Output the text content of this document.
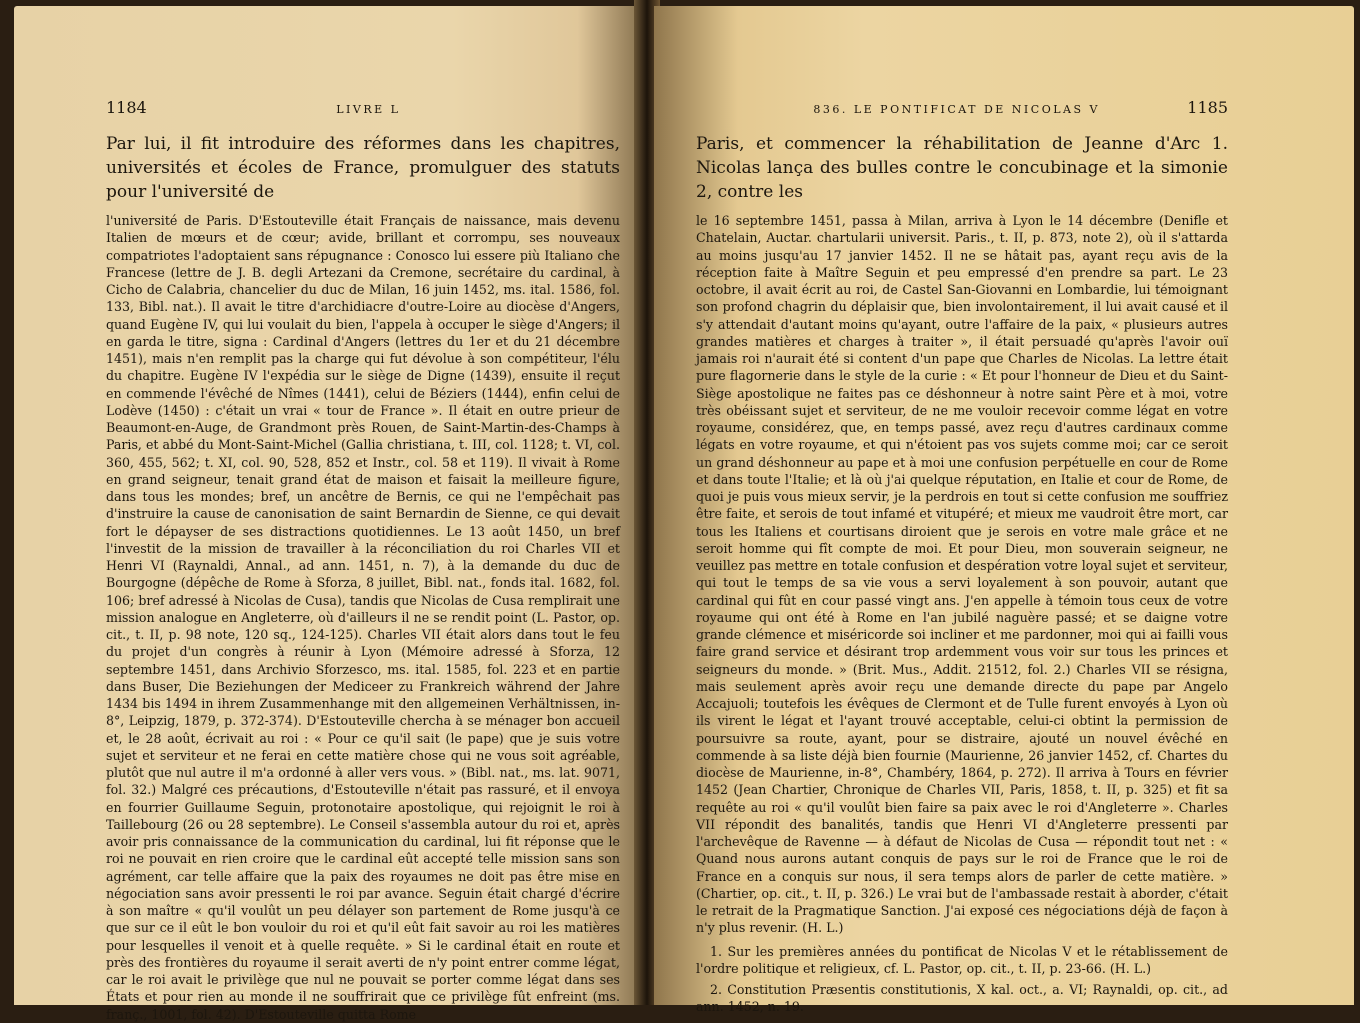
1184	LIVRE L

Par lui, il fit introduire des réformes dans les chapitres, universités et écoles de France, promulguer des statuts pour l'université de

l'université de Paris. D'Estouteville était Français de naissance, mais devenu Italien de mœurs et de cœur; avide, brillant et corrompu, ses nouveaux compatriotes l'adoptaient sans répugnance : Conosco lui essere più Italiano che Francese (lettre de J. B. degli Artezani da Cremone, secrétaire du cardinal, à Cicho de Calabria, chancelier du duc de Milan, 16 juin 1452, ms. ital. 1586, fol. 133, Bibl. nat.). Il avait le titre d'archidiacre d'outre-Loire au diocèse d'Angers, quand Eugène IV, qui lui voulait du bien, l'appela à occuper le siège d'Angers; il en garda le titre, signa : Cardinal d'Angers (lettres du 1er et du 21 décembre 1451), mais n'en remplit pas la charge qui fut dévolue à son compétiteur, l'élu du chapitre. Eugène IV l'expédia sur le siège de Digne (1439), ensuite il reçut en commende l'évêché de Nîmes (1441), celui de Béziers (1444), enfin celui de Lodève (1450) : c'était un vrai « tour de France ». Il était en outre prieur de Beaumont-en-Auge, de Grandmont près Rouen, de Saint-Martin-des-Champs à Paris, et abbé du Mont-Saint-Michel (Gallia christiana, t. III, col. 1128; t. VI, col. 360, 455, 562; t. XI, col. 90, 528, 852 et Instr., col. 58 et 119). Il vivait à Rome en grand seigneur, tenait grand état de maison et faisait la meilleure figure, dans tous les mondes; bref, un ancêtre de Bernis, ce qui ne l'empêchait pas d'instruire la cause de canonisation de saint Bernardin de Sienne, ce qui devait fort le dépayser de ses distractions quotidiennes. Le 13 août 1450, un bref l'investit de la mission de travailler à la réconciliation du roi Charles VII et Henri VI (Raynaldi, Annal., ad ann. 1451, n. 7), à la demande du duc de Bourgogne (dépêche de Rome à Sforza, 8 juillet, Bibl. nat., fonds ital. 1682, fol. 106; bref adressé à Nicolas de Cusa), tandis que Nicolas de Cusa remplirait une mission analogue en Angleterre, où d'ailleurs il ne se rendit point (L. Pastor, op. cit., t. II, p. 98 note, 120 sq., 124-125). Charles VII était alors dans tout le feu du projet d'un congrès à réunir à Lyon (Mémoire adressé à Sforza, 12 septembre 1451, dans Archivio Sforzesco, ms. ital. 1585, fol. 223 et en partie dans Buser, Die Beziehungen der Mediceer zu Frankreich während der Jahre 1434 bis 1494 in ihrem Zusammenhange mit den allgemeinen Verhältnissen, in-8°, Leipzig, 1879, p. 372-374). D'Estouteville chercha à se ménager bon accueil et, le 28 août, écrivait au roi : « Pour ce qu'il sait (le pape) que je suis votre sujet et serviteur et ne ferai en cette matière chose qui ne vous soit agréable, plutôt que nul autre il m'a ordonné à aller vers vous. » (Bibl. nat., ms. lat. 9071, fol. 32.) Malgré ces précautions, d'Estouteville n'était pas rassuré, et il envoya en fourrier Guillaume Seguin, protonotaire apostolique, qui rejoignit le roi à Taillebourg (26 ou 28 septembre). Le Conseil s'assembla autour du roi et, après avoir pris connaissance de la communication du cardinal, lui fit réponse que le roi ne pouvait en rien croire que le cardinal eût accepté telle mission sans son agrément, car telle affaire que la paix des royaumes ne doit pas être mise en négociation sans avoir pressenti le roi par avance. Seguin était chargé d'écrire à son maître « qu'il voulût un peu délayer son partement de Rome jusqu'à ce que sur ce il eût le bon vouloir du roi et qu'il eût fait savoir au roi les matières pour lesquelles il venoit et à quelle requête. » Si le cardinal était en route et près des frontières du royaume il serait averti de n'y point entrer comme légat, car le roi avait le privilège que nul ne pouvait se porter comme légat dans ses États et pour rien au monde il ne souffrirait que ce privilège fût enfreint (ms. franç., 1001, fol. 42). D'Estouteville quitta Rome

836. LE PONTIFICAT DE NICOLAS V	1185

Paris, et commencer la réhabilitation de Jeanne d'Arc 1. Nicolas lança des bulles contre le concubinage et la simonie 2, contre les

le 16 septembre 1451, passa à Milan, arriva à Lyon le 14 décembre (Denifle et Chatelain, Auctar. chartularii universit. Paris., t. II, p. 873, note 2), où il s'attarda au moins jusqu'au 17 janvier 1452. Il ne se hâtait pas, ayant reçu avis de la réception faite à Maître Seguin et peu empressé d'en prendre sa part. Le 23 octobre, il avait écrit au roi, de Castel San-Giovanni en Lombardie, lui témoignant son profond chagrin du déplaisir que, bien involontairement, il lui avait causé et il s'y attendait d'autant moins qu'ayant, outre l'affaire de la paix, « plusieurs autres grandes matières et charges à traiter », il était persuadé qu'après l'avoir ouï jamais roi n'aurait été si content d'un pape que Charles de Nicolas. La lettre était pure flagornerie dans le style de la curie : « Et pour l'honneur de Dieu et du Saint-Siège apostolique ne faites pas ce déshonneur à notre saint Père et à moi, votre très obéissant sujet et serviteur, de ne me vouloir recevoir comme légat en votre royaume, considérez, que, en temps passé, avez reçu d'autres cardinaux comme légats en votre royaume, et qui n'étoient pas vos sujets comme moi; car ce seroit un grand déshonneur au pape et à moi une confusion perpétuelle en cour de Rome et dans toute l'Italie; et là où j'ai quelque réputation, en Italie et cour de Rome, de quoi je puis vous mieux servir, je la perdrois en tout si cette confusion me souffriez être faite, et serois de tout infamé et vitupéré; et mieux me vaudroit être mort, car tous les Italiens et courtisans diroient que je serois en votre male grâce et ne seroit homme qui fît compte de moi. Et pour Dieu, mon souverain seigneur, ne veuillez pas mettre en totale confusion et despération votre loyal sujet et serviteur, qui tout le temps de sa vie vous a servi loyalement à son pouvoir, autant que cardinal qui fût en cour passé vingt ans. J'en appelle à témoin tous ceux de votre royaume qui ont été à Rome en l'an jubilé naguère passé; et se daigne votre grande clémence et miséricorde soi incliner et me pardonner, moi qui ai failli vous faire grand service et désirant trop ardemment vous voir sur tous les princes et seigneurs du monde. » (Brit. Mus., Addit. 21512, fol. 2.) Charles VII se résigna, mais seulement après avoir reçu une demande directe du pape par Angelo Accajuoli; toutefois les évêques de Clermont et de Tulle furent envoyés à Lyon où ils virent le légat et l'ayant trouvé acceptable, celui-ci obtint la permission de poursuivre sa route, ayant, pour se distraire, ajouté un nouvel évêché en commende à sa liste déjà bien fournie (Maurienne, 26 janvier 1452, cf. Chartes du diocèse de Maurienne, in-8°, Chambéry, 1864, p. 272). Il arriva à Tours en février 1452 (Jean Chartier, Chronique de Charles VII, Paris, 1858, t. II, p. 325) et fit sa requête au roi « qu'il voulût bien faire sa paix avec le roi d'Angleterre ». Charles VII répondit des banalités, tandis que Henri VI d'Angleterre pressenti par l'archevêque de Ravenne — à défaut de Nicolas de Cusa — répondit tout net : « Quand nous aurons autant conquis de pays sur le roi de France que le roi de France en a conquis sur nous, il sera temps alors de parler de cette matière. » (Chartier, op. cit., t. II, p. 326.) Le vrai but de l'ambassade restait à aborder, c'était le retrait de la Pragmatique Sanction. J'ai exposé ces négociations déjà de façon à n'y plus revenir. (H. L.)

1. Sur les premières années du pontificat de Nicolas V et le rétablissement de l'ordre politique et religieux, cf. L. Pastor, op. cit., t. II, p. 23-66. (H. L.)

2. Constitution Præsentis constitutionis, X kal. oct., a. VI; Raynaldi, op. cit., ad ann. 1452, n. 19.
